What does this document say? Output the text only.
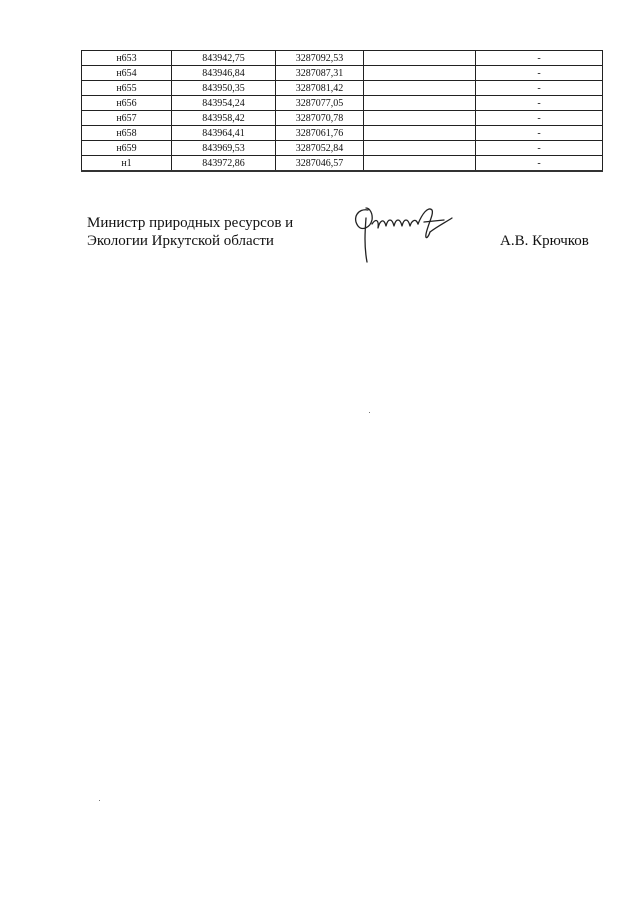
н653	843942,75	3287092,53		-
н654	843946,84	3287087,31		-
н655	843950,35	3287081,42		-
н656	843954,24	3287077,05		-
н657	843958,42	3287070,78		-
н658	843964,41	3287061,76		-
н659	843969,53	3287052,84		-
н1	843972,86	3287046,57		-
Министр природных ресурсов и
Экологии Иркутской области	А.В. Крючков
